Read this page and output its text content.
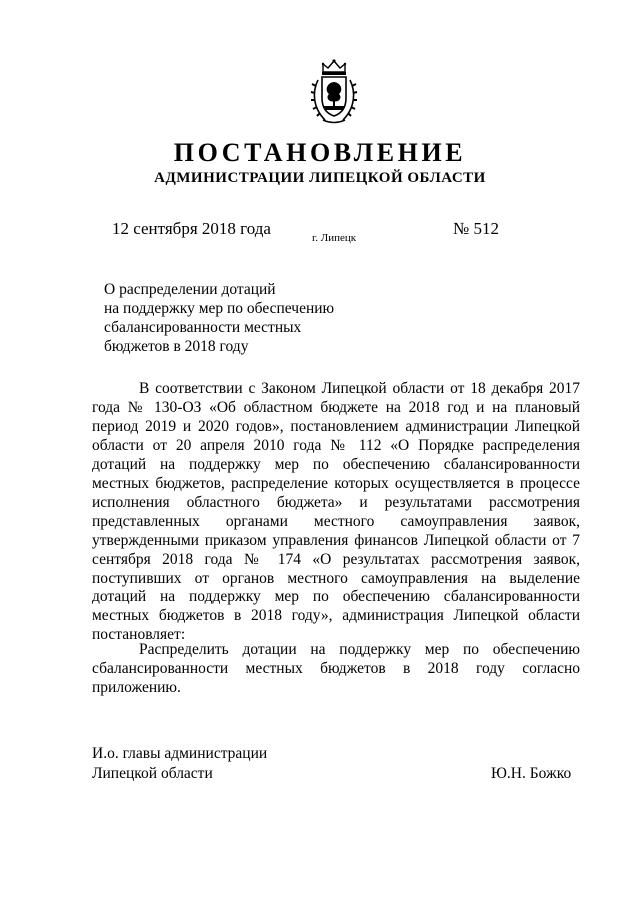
ПОСТАНОВЛЕНИЕ
АДМИНИСТРАЦИИ ЛИПЕЦКОЙ ОБЛАСТИ
12 сентября 2018 года	г. Липецк	№ 512
О распределении дотаций
на поддержку мер по обеспечению
сбалансированности местных
бюджетов в 2018 году

В соответствии с Законом Липецкой области от 18 декабря 2017 года № 130-ОЗ «Об областном бюджете на 2018 год и на плановый период 2019 и 2020 годов», постановлением администрации Липецкой области от 20 апреля 2010 года № 112 «О Порядке распределения дотаций на поддержку мер по обеспечению сбалансированности местных бюджетов, распределение которых осуществляется в процессе исполнения областного бюджета» и результатами рассмотрения представленных органами местного самоуправления заявок, утвержденными приказом управления финансов Липецкой области от 7 сентября 2018 года № 174 «О результатах рассмотрения заявок, поступивших от органов местного самоуправления на выделение дотаций на поддержку мер по обеспечению сбалансированности местных бюджетов в 2018 году», администрация Липецкой области постановляет:

Распределить дотации на поддержку мер по обеспечению сбалансированности местных бюджетов в 2018 году согласно приложению.

И.о. главы администрации
Липецкой области	Ю.Н. Божко
